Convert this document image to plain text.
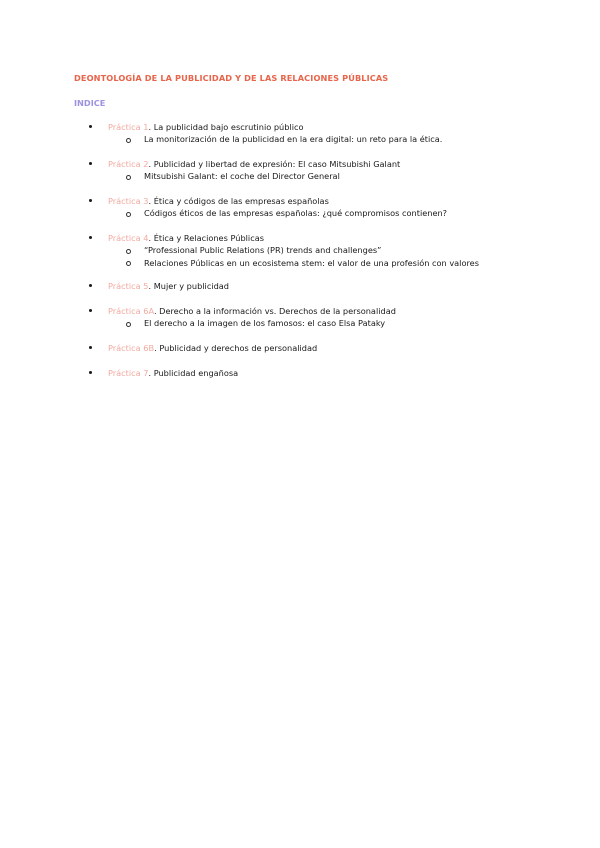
DEONTOLOGÍA DE LA PUBLICIDAD Y DE LAS RELACIONES PÚBLICAS
INDICE
Práctica 1. La publicidad bajo escrutinio público
La monitorización de la publicidad en la era digital: un reto para la ética.
Práctica 2. Publicidad y libertad de expresión: El caso Mitsubishi Galant
Mitsubishi Galant: el coche del Director General
Práctica 3. Ética y códigos de las empresas españolas
Códigos éticos de las empresas españolas: ¿qué compromisos contienen?
Práctica 4. Ética y Relaciones Públicas
“Professional Public Relations (PR) trends and challenges”
Relaciones Públicas en un ecosistema stem: el valor de una profesión con valores
Práctica 5. Mujer y publicidad
Práctica 6A. Derecho a la información vs. Derechos de la personalidad
El derecho a la imagen de los famosos: el caso Elsa Pataky
Práctica 6B. Publicidad y derechos de personalidad
Práctica 7. Publicidad engañosa
